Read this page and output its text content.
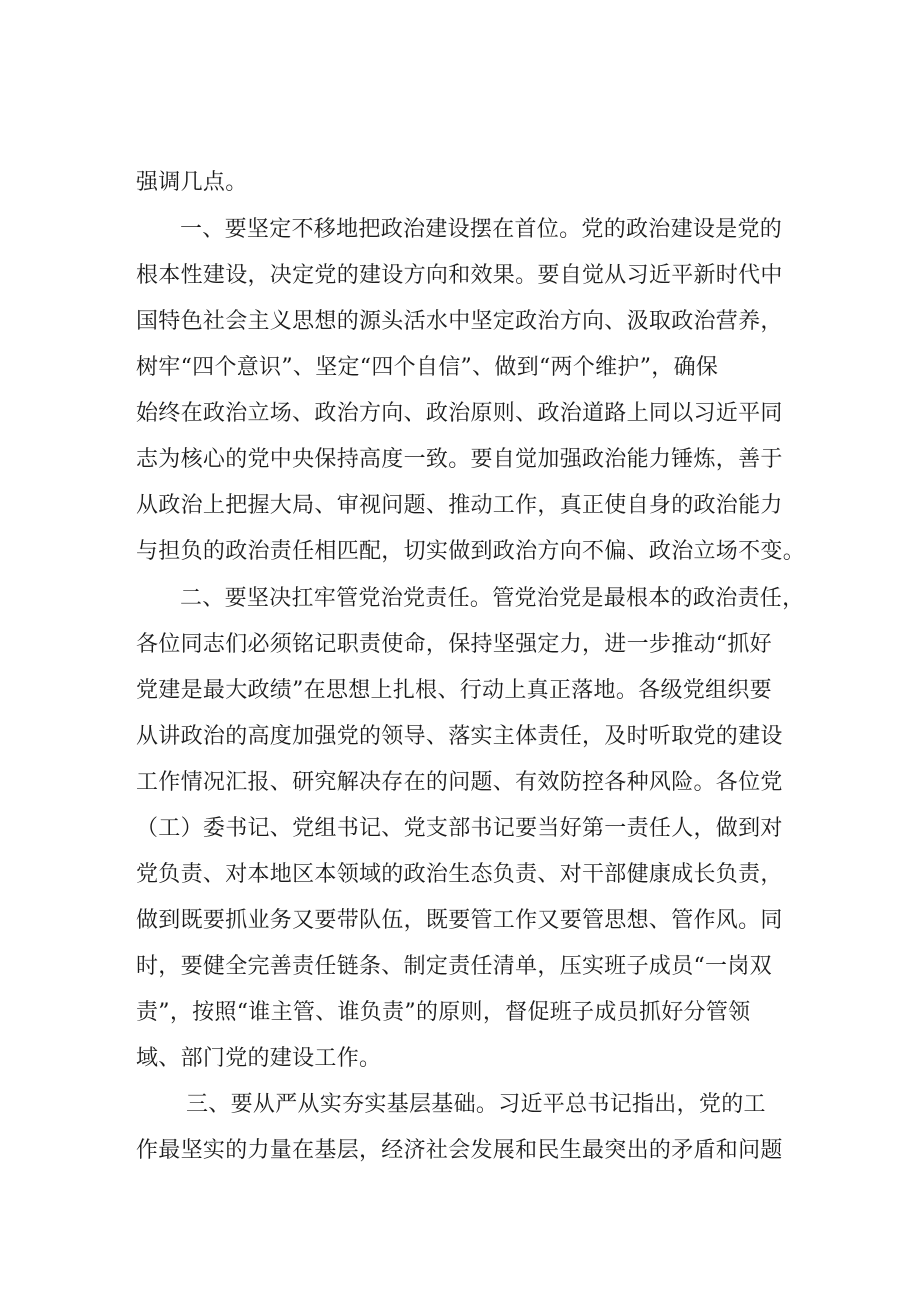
强调几点。
一、要坚定不移地把政治建设摆在首位。党的政治建设是党的
根本性建设，决定党的建设方向和效果。要自觉从习近平新时代中
国特色社会主义思想的源头活水中坚定政治方向、汲取政治营养，
树牢“四个意识”、坚定“四个自信”、做到“两个维护”，确保
始终在政治立场、政治方向、政治原则、政治道路上同以习近平同
志为核心的党中央保持高度一致。要自觉加强政治能力锤炼，善于
从政治上把握大局、审视问题、推动工作，真正使自身的政治能力
与担负的政治责任相匹配，切实做到政治方向不偏、政治立场不变。
二、要坚决扛牢管党治党责任。管党治党是最根本的政治责任，
各位同志们必须铭记职责使命，保持坚强定力，进一步推动“抓好
党建是最大政绩”在思想上扎根、行动上真正落地。各级党组织要
从讲政治的高度加强党的领导、落实主体责任，及时听取党的建设
工作情况汇报、研究解决存在的问题、有效防控各种风险。各位党
（工）委书记、党组书记、党支部书记要当好第一责任人，做到对
党负责、对本地区本领域的政治生态负责、对干部健康成长负责，
做到既要抓业务又要带队伍，既要管工作又要管思想、管作风。同
时，要健全完善责任链条、制定责任清单，压实班子成员“一岗双
责”，按照“谁主管、谁负责”的原则，督促班子成员抓好分管领
域、部门党的建设工作。
三、要从严从实夯实基层基础。习近平总书记指出，党的工
作最坚实的力量在基层，经济社会发展和民生最突出的矛盾和问题
